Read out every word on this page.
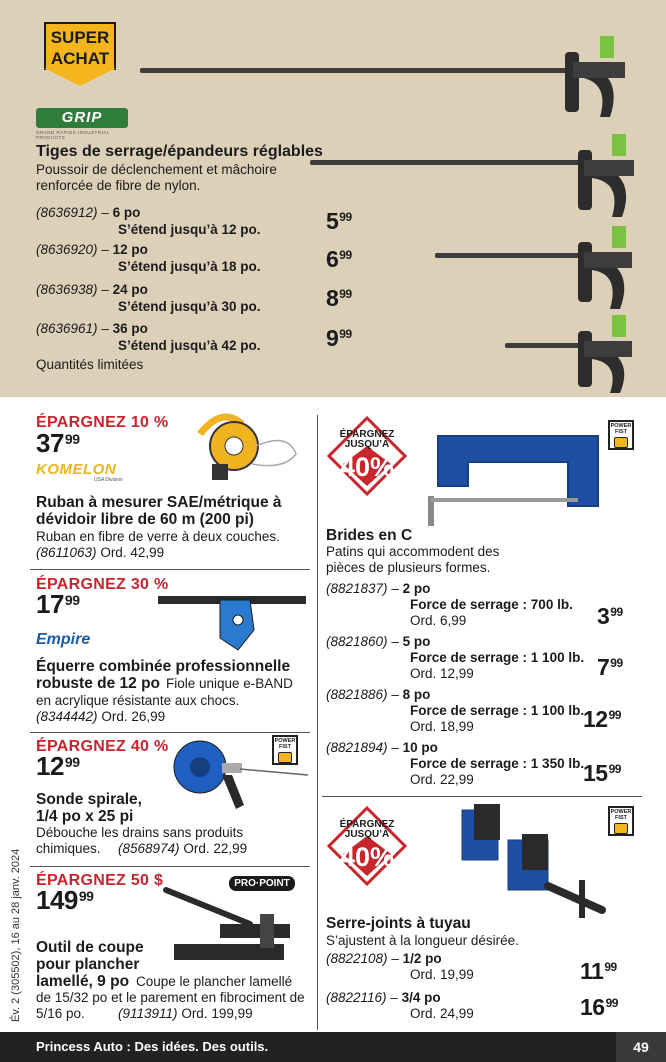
SUPER
ACHAT
GRIP
GRAND RAPIDS INDUSTRIAL PRODUCTS
Tiges de serrage/épandeurs réglables
Poussoir de déclenchement et mâchoire renforcée de fibre de nylon.
(8636912) – 6 po
S’étend jusqu’à 12 po.	$5^{99}$
(8636920) – 12 po
S’étend jusqu’à 18 po.	$6^{99}$
(8636938) – 24 po
S’étend jusqu’à 30 po.	$8^{99}$
(8636961) – 36 po
S’étend jusqu’à 42 po.	$9^{99}$
Quantités limitées
ÉPARGNEZ 10 %
$37^{99}$
KOMELON
USA Division
Ruban à mesurer SAE/métrique à dévidoir libre de 60 m (200 pi)
Ruban en fibre de verre à deux couches.
(8611063) Ord. 42,99
ÉPARGNEZ 30 %
$17^{99}$
Empire
Équerre combinée professionnelle robuste de 12 po Fiole unique e-BAND
en acrylique résistante aux chocs.
(8344442) Ord. 26,99
ÉPARGNEZ 40 %
$12^{99}$
POWER
FIST
Sonde spirale,
1/4 po x 25 pi
Débouche les drains sans produits chimiques.	(8568974) Ord. 22,99
ÉPARGNEZ 50 $
$149^{99}$
PRO·POINT
Outil de coupe
pour plancher
lamellé, 9 po Coupe le plancher lamellé
de 15/32 po et le parement en fibrociment de 5/16 po.	(9113911) Ord. 199,99
Év. 2 (305502), 16 au 28 janv. 2024
ÉPARGNEZ
JUSQU’À
40%
POWER
FIST
Brides en C
Patins qui accommodent des pièces de plusieurs formes.
(8821837) – 2 po
Force de serrage : 700 lb.
Ord. 6,99	$3^{99}$
(8821860) – 5 po
Force de serrage : 1 100 lb.
Ord. 12,99	$7^{99}$
(8821886) – 8 po
Force de serrage : 1 100 lb.
Ord. 18,99	$12^{99}$
(8821894) – 10 po
Force de serrage : 1 350 lb.
Ord. 22,99	$15^{99}$
ÉPARGNEZ
JUSQU’À
40%
POWER
FIST
Serre-joints à tuyau
S’ajustent à la longueur désirée.
(8822108) – 1/2 po
Ord. 19,99	$11^{99}$
(8822116) – 3/4 po
Ord. 24,99	$16^{99}$
Princess Auto : Des idées. Des outils.	49
